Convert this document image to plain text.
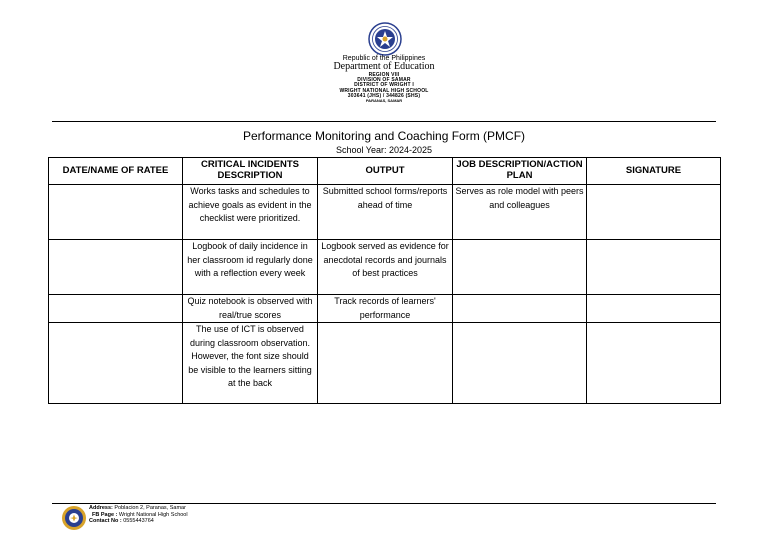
Republic of the Philippines
Department of Education
REGION VIII
DIVISION OF SAMAR
DISTRICT OF WRIGHT I
WRIGHT NATIONAL HIGH SCHOOL
303641 (JHS) / 344826 (SHS)
PARANAS, SAMAR
Performance Monitoring and Coaching Form (PMCF)
School Year: 2024-2025
DATE/NAME OF RATEE	CRITICAL INCIDENTS DESCRIPTION	OUTPUT	JOB DESCRIPTION/ACTION PLAN	SIGNATURE
	Works tasks and schedules to achieve goals as evident in the checklist were prioritized.	Submitted school forms/reports ahead of time	Serves as role model with peers and colleagues	
	Logbook of daily incidence in her classroom id regularly done with a reflection every week	Logbook served as evidence for anecdotal records and journals of best practices		
	Quiz notebook is observed with real/true scores	Track records of learners' performance		
	The use of ICT is observed during classroom observation. However, the font size should be visible to the learners sitting at the back			
Address: Poblacion 2, Paranas, Samar
FB Page : Wright National High School
Contact No : 0555443764
